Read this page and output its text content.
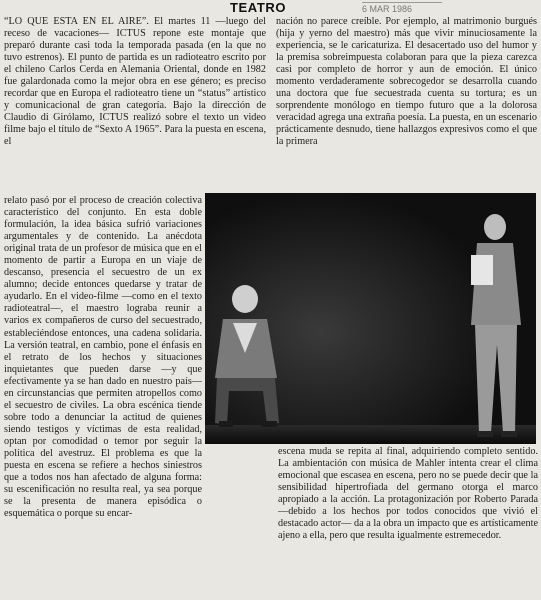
TEATRO	6 MAR 1986

“LO QUE ESTA EN EL AIRE”. El martes 11 —luego del receso de vacaciones— ICTUS repone este montaje que preparó durante casi toda la temporada pasada (en la que no tuvo estrenos). El punto de partida es un radioteatro escrito por el chileno Carlos Cerda en Alemania Oriental, donde en 1982 fue galardonada como la mejor obra en ese género; es preciso recordar que en Europa el radioteatro tiene un “status” artístico y comunicacional de gran categoría. Bajo la dirección de Claudio di Girólamo, ICTUS realizó sobre el texto un video filme bajo el título de “Sexto A 1965”. Para la puesta en escena, el

nación no parece creíble. Por ejemplo, al matrimonio burgués (hija y yerno del maestro) más que vivir minuciosamente la experiencia, se le caricaturiza. El desacertado uso del humor y la premisa sobreimpuesta colaboran para que la pieza carezca casi por completo de horror y aun de emoción. El único momento verdaderamente sobrecogedor se desarrolla cuando una doctora que fue secuestrada cuenta su tortura; es un sorprendente monólogo en tiempo futuro que a la dolorosa veracidad agrega una extraña poesía. La puesta, en un escenario prácticamente desnudo, tiene hallazgos expresivos como el que la primera

relato pasó por el proceso de creación colectiva característico del conjunto. En esta doble formulación, la idea básica sufrió variaciones argumentales y de contenido. La anécdota original trata de un profesor de música que en el momento de partir a Europa en un viaje de descanso, presencia el secuestro de un ex alumno; decide entonces quedarse y tratar de ayudarlo. En el video-filme —como en el texto radioteatral—, el maestro lograba reunir a varios ex compañeros de curso del secuestrado, estableciéndose entonces, una cadena solidaria. La versión teatral, en cambio, pone el énfasis en el retrato de los hechos y situaciones inquietantes que pueden darse —y que efectivamente ya se han dado en nuestro país— en circunstancias que permiten atropellos como el secuestro de civiles. La obra escénica tiende sobre todo a denunciar la actitud de quienes siendo testigos y víctimas de esta realidad, optan por comodidad o temor por seguir la política del avestruz. El problema es que la puesta en escena se refiere a hechos siniestros que a todos nos han afectado de alguna forma: su escenificación no resulta real, ya sea porque se la presenta de manera episódica o esquemática o porque su encar-

escena muda se repita al final, adquiriendo completo sentido. La ambientación con música de Mahler intenta crear el clima emocional que escasea en escena, pero no se puede decir que la sensibilidad hipertrofiada del germano otorga el marco apropiado a la acción. La protagonización por Roberto Parada —debido a los hechos por todos conocidos que vivió el destacado actor— da a la obra un impacto que es artísticamente ajeno a ella, pero que resulta igualmente estremecedor.
